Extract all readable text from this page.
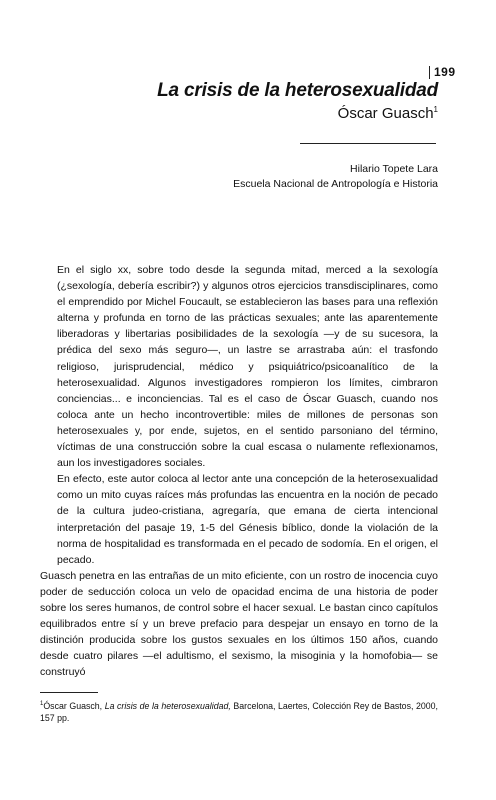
199
La crisis de la heterosexualidad
Óscar Guasch$^1$
Hilario Topete Lara
Escuela Nacional de Antropología e Historia

En el siglo xx, sobre todo desde la segunda mitad, merced a la sexología (¿sexología, debería escribir?) y algunos otros ejercicios transdisciplinares, como el emprendido por Michel Foucault, se establecieron las bases para una reflexión alterna y profunda en torno de las prácticas sexuales; ante las aparentemente liberadoras y libertarias posibilidades de la sexología —y de su sucesora, la prédica del sexo más seguro—, un lastre se arrastraba aún: el trasfondo religioso, jurisprudencial, médico y psiquiátrico/psicoanalítico de la heterosexualidad. Algunos investigadores rompieron los límites, cimbraron conciencias... e inconciencias. Tal es el caso de Óscar Guasch, cuando nos coloca ante un hecho incontrovertible: miles de millones de personas son heterosexuales y, por ende, sujetos, en el sentido parsoniano del término, víctimas de una construcción sobre la cual escasa o nulamente reflexionamos, aun los investigadores sociales.

En efecto, este autor coloca al lector ante una concepción de la heterosexualidad como un mito cuyas raíces más profundas las encuentra en la noción de pecado de la cultura judeo-cristiana, agregaría, que emana de cierta intencional interpretación del pasaje 19, 1-5 del Génesis bíblico, donde la violación de la norma de hospitalidad es transformada en el pecado de sodomía. En el origen, el pecado.

Guasch penetra en las entrañas de un mito eficiente, con un rostro de inocencia cuyo poder de seducción coloca un velo de opacidad encima de una historia de poder sobre los seres humanos, de control sobre el hacer sexual. Le bastan cinco capítulos equilibrados entre sí y un breve prefacio para despejar un ensayo en torno de la distinción producida sobre los gustos sexuales en los últimos 150 años, cuando desde cuatro pilares —el adultismo, el sexismo, la misoginia y la homofobia— se construyó

$^1$Óscar Guasch, La crisis de la heterosexualidad, Barcelona, Laertes, Colección Rey de Bastos, 2000, 157 pp.
